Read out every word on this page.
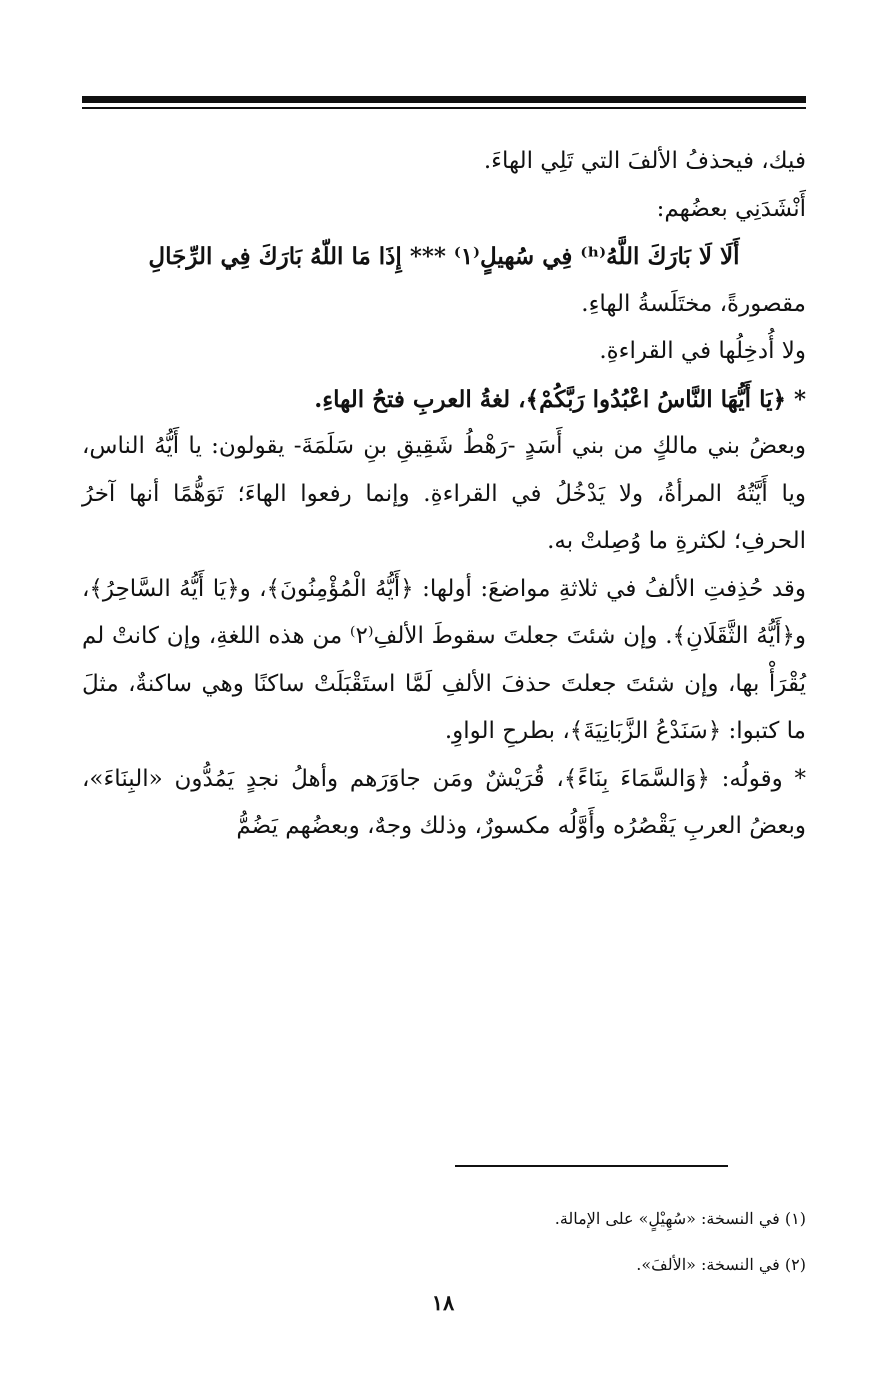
فيك، فيحذفُ الألفَ التي تَلِي الهاءَ.

أَنْشَدَنِي بعضُهم:

أَلَا لَا بَارَكَ اللَّهُ⁽ʰ⁾ فِي سُهيلٍ⁽١⁾ *** إِذَا مَا اللّهُ بَارَكَ فِي الرِّجَالِ

مقصورةً، مختَلَسةُ الهاءِ.

ولا أُدخِلُها في القراءةِ.

* ﴿يَا أَيُّهَا النَّاسُ اعْبُدُوا رَبَّكُمْ﴾، لغةُ العربِ فتحُ الهاءِ.

وبعضُ بني مالكٍ من بني أَسَدٍ -رَهْطُ شَقِيقِ بنِ سَلَمَةَ- يقولون: يا أَيُّهُ الناس، ويا أَيَّتُهُ المرأةُ، ولا يَدْخُلُ في القراءةِ. وإنما رفعوا الهاءَ؛ تَوَهُّمًا أنها آخرُ الحرفِ؛ لكثرةِ ما وُصِلتْ به.

وقد حُذِفتِ الألفُ في ثلاثةِ مواضعَ: أولها: ﴿أَيُّهُ الْمُؤْمِنُونَ﴾، و﴿يَا أَيُّهُ السَّاحِرُ﴾، و﴿أَيُّهُ الثَّقَلَانِ﴾. وإن شئتَ جعلتَ سقوطَ الألفِ⁽٢⁾ من هذه اللغةِ، وإن كانتْ لم يُقْرَأْ بها، وإن شئتَ جعلتَ حذفَ الألفِ لَمَّا استَقْبَلَتْ ساكنًا وهي ساكنةٌ، مثلَ ما كتبوا: ﴿سَنَدْعُ الزَّبَانِيَةَ﴾، بطرحِ الواوِ.

* وقولُه: ﴿وَالسَّمَاءَ بِنَاءً﴾، قُرَيْشٌ ومَن جاوَرَهم وأهلُ نجدٍ يَمُدُّون «البِنَاءَ»، وبعضُ العربِ يَقْصُرُه وأَوَّلُه مكسورٌ، وذلك وجهٌ، وبعضُهم يَضُمُّ

(١) في النسخة: «سُهِيْلٍ» على الإمالة.

(٢) في النسخة: «الألفَ».

١٨
